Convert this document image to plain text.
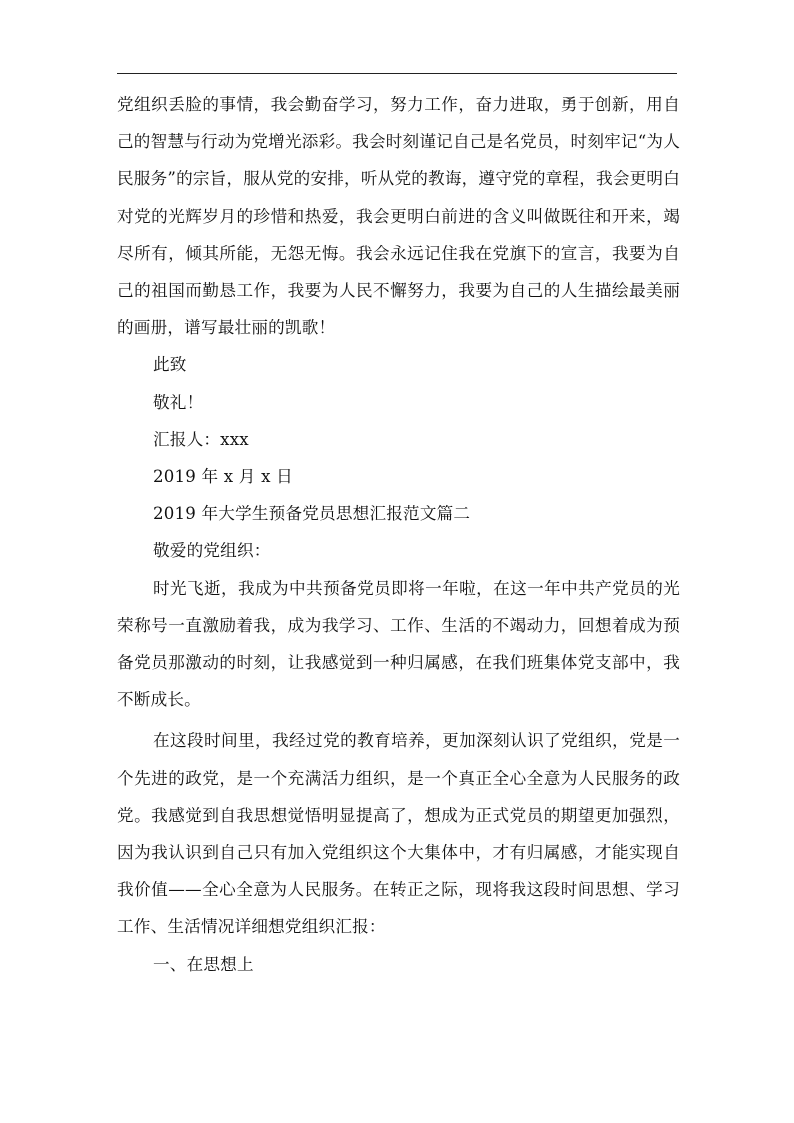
党组织丢脸的事情，我会勤奋学习，努力工作，奋力进取，勇于创新，用自己的智慧与行动为党增光添彩。我会时刻谨记自己是名党员，时刻牢记“为人民服务”的宗旨，服从党的安排，听从党的教诲，遵守党的章程，我会更明白对党的光辉岁月的珍惜和热爱，我会更明白前进的含义叫做既往和开来，竭尽所有，倾其所能，无怨无悔。我会永远记住我在党旗下的宣言，我要为自己的祖国而勤恳工作，我要为人民不懈努力，我要为自己的人生描绘最美丽的画册，谱写最壮丽的凯歌！

此致

敬礼！

汇报人：xxx

2019 年 x 月 x 日

2019 年大学生预备党员思想汇报范文篇二

敬爱的党组织：

时光飞逝，我成为中共预备党员即将一年啦，在这一年中共产党员的光荣称号一直激励着我，成为我学习、工作、生活的不竭动力，回想着成为预备党员那激动的时刻，让我感觉到一种归属感，在我们班集体党支部中，我不断成长。

在这段时间里，我经过党的教育培养，更加深刻认识了党组织，党是一个先进的政党，是一个充满活力组织，是一个真正全心全意为人民服务的政党。我感觉到自我思想觉悟明显提高了，想成为正式党员的期望更加强烈，因为我认识到自己只有加入党组织这个大集体中，才有归属感，才能实现自我价值——全心全意为人民服务。在转正之际，现将我这段时间思想、学习工作、生活情况详细想党组织汇报：

一、在思想上
